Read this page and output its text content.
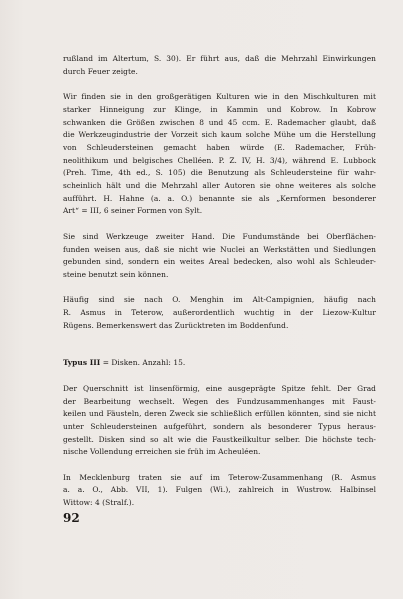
rußland im Altertum, S. 30). Er führt aus, daß die Mehrzahl Einwirkungen
durch Feuer zeigte.
Wir finden sie in den großgerätigen Kulturen wie in den Mischkulturen mit
starker Hinneigung zur Klinge, in Kammin und Kobrow. In Kobrow
schwanken die Größen zwischen 8 und 45 ccm. E. Rademacher glaubt, daß
die Werkzeugindustrie der Vorzeit sich kaum solche Mühe um die Herstellung
von Schleudersteinen gemacht haben würde (E. Rademacher, Früh-
neolithikum und belgisches Chelléen. P. Z. IV, H. 3/4), während E. Lubbock
(Preh. Time, 4th ed., S. 105) die Benutzung als Schleudersteine für wahr-
scheinlich hält und die Mehrzahl aller Autoren sie ohne weiteres als solche
aufführt. H. Hahne (a. a. O.) benannte sie als „Kernformen besonderer
Art“ = III, 6 seiner Formen von Sylt.
Sie sind Werkzeuge zweiter Hand. Die Fundumstände bei Oberflächen-
funden weisen aus, daß sie nicht wie Nuclei an Werkstätten und Siedlungen
gebunden sind, sondern ein weites Areal bedecken, also wohl als Schleuder-
steine benutzt sein können.
Häufig sind sie nach O. Menghin im Alt-Campignien, häufig nach
R. Asmus in Teterow, außerordentlich wuchtig in der Liezow-Kultur
Rügens. Bemerkenswert das Zurücktreten im Boddenfund.
Typus III = Disken. Anzahl: 15.
Der Querschnitt ist linsenförmig, eine ausgeprägte Spitze fehlt. Der Grad
der Bearbeitung wechselt. Wegen des Fundzusammenhanges mit Faust-
keilen und Fäusteln, deren Zweck sie schließlich erfüllen könnten, sind sie nicht
unter Schleudersteinen aufgeführt, sondern als besonderer Typus heraus-
gestellt. Disken sind so alt wie die Faustkeilkultur selber. Die höchste tech-
nische Vollendung erreichen sie früh im Acheuléen.
In Mecklenburg traten sie auf im Teterow-Zusammenhang (R. Asmus
a. a. O., Abb. VII, 1). Fulgen (Wi.), zahlreich in Wustrow. Halbinsel
Wittow: 4 (Stralf.).
92
